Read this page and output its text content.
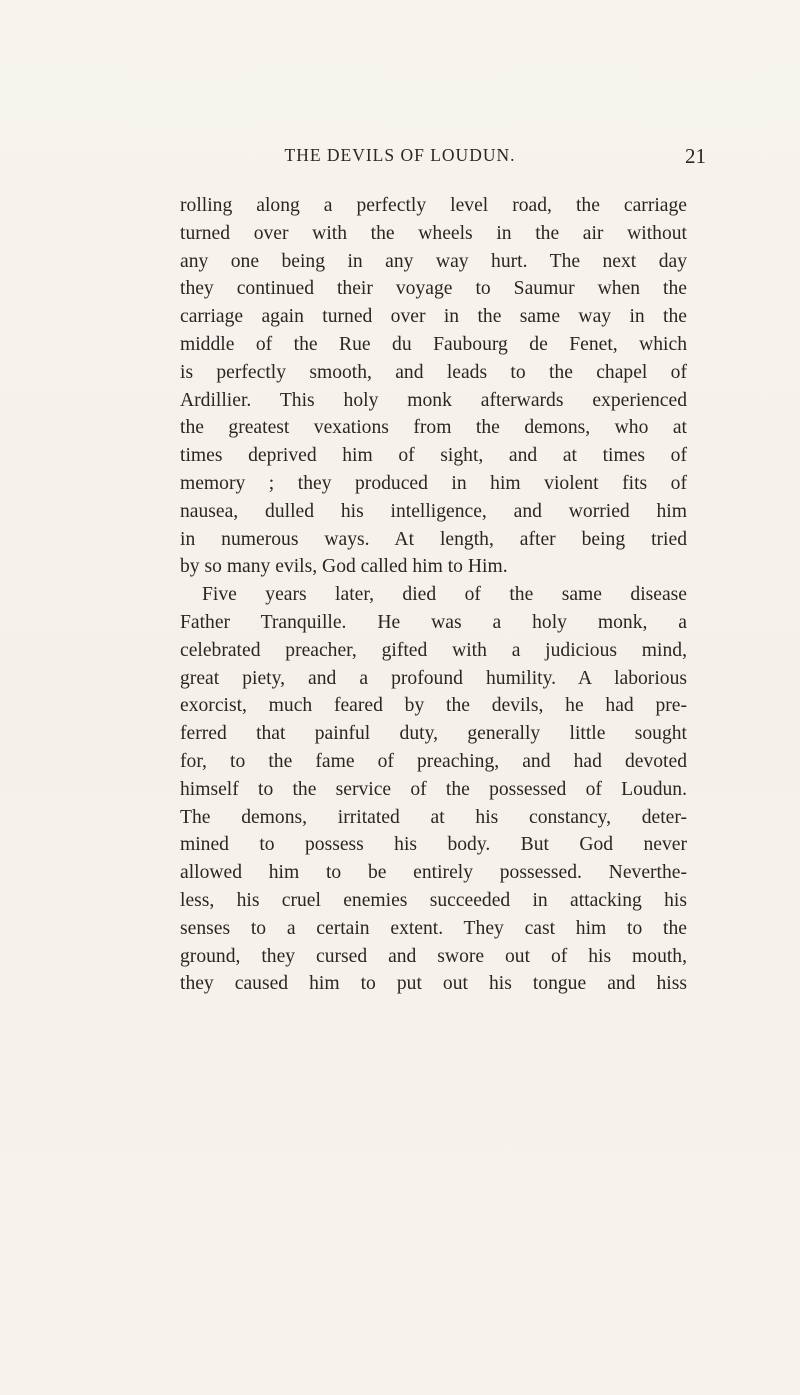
THE DEVILS OF LOUDUN.	21
rolling along a perfectly level road, the carriage
turned over with the wheels in the air without
any one being in any way hurt. The next day
they continued their voyage to Saumur when the
carriage again turned over in the same way in the
middle of the Rue du Faubourg de Fenet, which
is perfectly smooth, and leads to the chapel of
Ardillier. This holy monk afterwards experienced
the greatest vexations from the demons, who at
times deprived him of sight, and at times of
memory ; they produced in him violent fits of
nausea, dulled his intelligence, and worried him
in numerous ways. At length, after being tried
by so many evils, God called him to Him.
Five years later, died of the same disease
Father Tranquille. He was a holy monk, a
celebrated preacher, gifted with a judicious mind,
great piety, and a profound humility. A laborious
exorcist, much feared by the devils, he had pre-
ferred that painful duty, generally little sought
for, to the fame of preaching, and had devoted
himself to the service of the possessed of Loudun.
The demons, irritated at his constancy, deter-
mined to possess his body. But God never
allowed him to be entirely possessed. Neverthe-
less, his cruel enemies succeeded in attacking his
senses to a certain extent. They cast him to the
ground, they cursed and swore out of his mouth,
they caused him to put out his tongue and hiss
